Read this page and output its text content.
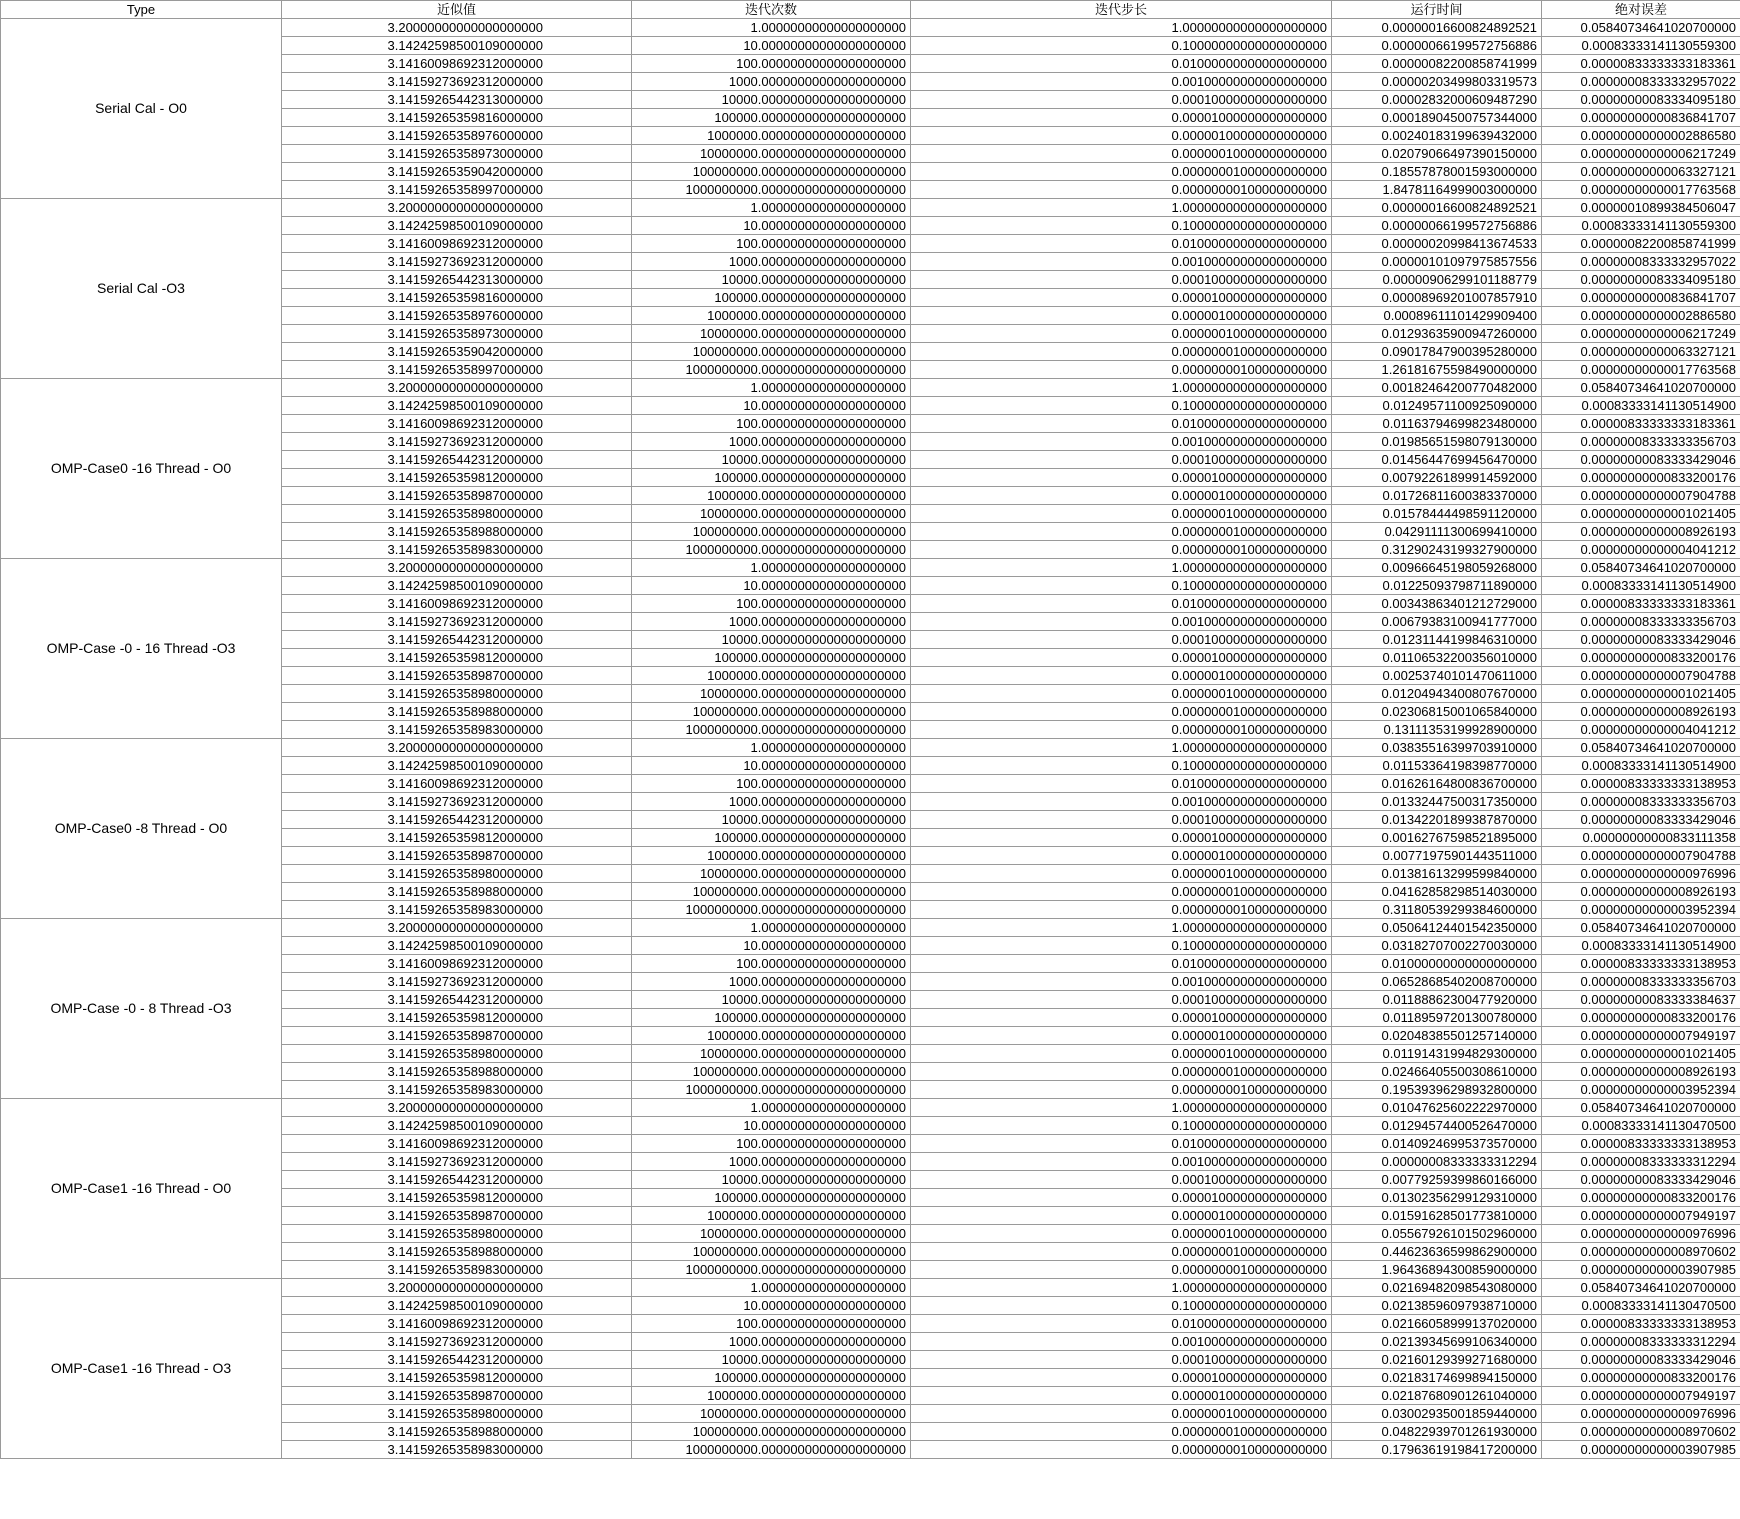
Type	近似值	迭代次数	迭代步长	运行时间	绝对误差
Serial Cal - O0	3.20000000000000000000	1.00000000000000000000	1.00000000000000000000	0.00000016600824892521	0.05840734641020700000
	3.14242598500109000000	10.00000000000000000000	0.10000000000000000000	0.00000066199572756886	0.00083333141130559300
	3.14160098692312000000	100.00000000000000000000	0.01000000000000000000	0.00000082200858741999	0.00000833333333183361
	3.14159273692312000000	1000.00000000000000000000	0.00100000000000000000	0.00000203499803319573	0.00000008333332957022
	3.14159265442313000000	10000.00000000000000000000	0.00010000000000000000	0.00002832000609487290	0.00000000083334095180
	3.14159265359816000000	100000.00000000000000000000	0.00001000000000000000	0.00018904500757344000	0.00000000000836841707
	3.14159265358976000000	1000000.00000000000000000000	0.00000100000000000000	0.00240183199639432000	0.00000000000002886580
	3.14159265358973000000	10000000.00000000000000000000	0.00000010000000000000	0.02079066497390150000	0.00000000000006217249
	3.14159265359042000000	100000000.00000000000000000000	0.00000001000000000000	0.18557878001593000000	0.00000000000063327121
	3.14159265358997000000	1000000000.00000000000000000000	0.00000000100000000000	1.84781164999003000000	0.00000000000017763568
Serial Cal -O3	3.20000000000000000000	1.00000000000000000000	1.00000000000000000000	0.00000016600824892521	0.00000010899384506047
	3.14242598500109000000	10.00000000000000000000	0.10000000000000000000	0.00000066199572756886	0.00083333141130559300
	3.14160098692312000000	100.00000000000000000000	0.01000000000000000000	0.00000020998413674533	0.00000082200858741999
	3.14159273692312000000	1000.00000000000000000000	0.00100000000000000000	0.00000101097975857556	0.00000008333332957022
	3.14159265442313000000	10000.00000000000000000000	0.00010000000000000000	0.00000906299101188779	0.00000000083334095180
	3.14159265359816000000	100000.00000000000000000000	0.00001000000000000000	0.00008969201007857910	0.00000000000836841707
	3.14159265358976000000	1000000.00000000000000000000	0.00000100000000000000	0.00089611101429909400	0.00000000000002886580
	3.14159265358973000000	10000000.00000000000000000000	0.00000010000000000000	0.01293635900947260000	0.00000000000006217249
	3.14159265359042000000	100000000.00000000000000000000	0.00000001000000000000	0.09017847900395280000	0.00000000000063327121
	3.14159265358997000000	1000000000.00000000000000000000	0.00000000100000000000	1.26181675598490000000	0.00000000000017763568
OMP-Case0 -16 Thread - O0	3.20000000000000000000	1.00000000000000000000	1.00000000000000000000	0.00182464200770482000	0.05840734641020700000
	3.14242598500109000000	10.00000000000000000000	0.10000000000000000000	0.01249571100925090000	0.00083333141130514900
	3.14160098692312000000	100.00000000000000000000	0.01000000000000000000	0.01163794699823480000	0.00000833333333183361
	3.14159273692312000000	1000.00000000000000000000	0.00100000000000000000	0.01985651598079130000	0.00000008333333356703
	3.14159265442312000000	10000.00000000000000000000	0.00010000000000000000	0.01456447699456470000	0.00000000083333429046
	3.14159265359812000000	100000.00000000000000000000	0.00001000000000000000	0.00792261899914592000	0.00000000000833200176
	3.14159265358987000000	1000000.00000000000000000000	0.00000100000000000000	0.01726811600383370000	0.00000000000007904788
	3.14159265358980000000	10000000.00000000000000000000	0.00000010000000000000	0.01578444498591120000	0.00000000000001021405
	3.14159265358988000000	100000000.00000000000000000000	0.00000001000000000000	0.04291111300699410000	0.00000000000008926193
	3.14159265358983000000	1000000000.00000000000000000000	0.00000000100000000000	0.31290243199327900000	0.00000000000004041212
OMP-Case -0 - 16 Thread -O3	3.20000000000000000000	1.00000000000000000000	1.00000000000000000000	0.00966645198059268000	0.05840734641020700000
	3.14242598500109000000	10.00000000000000000000	0.10000000000000000000	0.01225093798711890000	0.00083333141130514900
	3.14160098692312000000	100.00000000000000000000	0.01000000000000000000	0.00343863401212729000	0.00000833333333183361
	3.14159273692312000000	1000.00000000000000000000	0.00100000000000000000	0.00679383100941777000	0.00000008333333356703
	3.14159265442312000000	10000.00000000000000000000	0.00010000000000000000	0.01231144199846310000	0.00000000083333429046
	3.14159265359812000000	100000.00000000000000000000	0.00001000000000000000	0.01106532200356010000	0.00000000000833200176
	3.14159265358987000000	1000000.00000000000000000000	0.00000100000000000000	0.00253740101470611000	0.00000000000007904788
	3.14159265358980000000	10000000.00000000000000000000	0.00000010000000000000	0.01204943400807670000	0.00000000000001021405
	3.14159265358988000000	100000000.00000000000000000000	0.00000001000000000000	0.02306815001065840000	0.00000000000008926193
	3.14159265358983000000	1000000000.00000000000000000000	0.00000000100000000000	0.13111353199928900000	0.00000000000004041212
OMP-Case0 -8 Thread - O0	3.20000000000000000000	1.00000000000000000000	1.00000000000000000000	0.03835516399703910000	0.05840734641020700000
	3.14242598500109000000	10.00000000000000000000	0.10000000000000000000	0.01153364198398770000	0.00083333141130514900
	3.14160098692312000000	100.00000000000000000000	0.01000000000000000000	0.01626164800836700000	0.00000833333333138953
	3.14159273692312000000	1000.00000000000000000000	0.00100000000000000000	0.01332447500317350000	0.00000008333333356703
	3.14159265442312000000	10000.00000000000000000000	0.00010000000000000000	0.01342201899387870000	0.00000000083333429046
	3.14159265359812000000	100000.00000000000000000000	0.00001000000000000000	0.00162767598521895000	0.00000000000833111358
	3.14159265358987000000	1000000.00000000000000000000	0.00000100000000000000	0.00771975901443511000	0.00000000000007904788
	3.14159265358980000000	10000000.00000000000000000000	0.00000010000000000000	0.01381613299599840000	0.00000000000000976996
	3.14159265358988000000	100000000.00000000000000000000	0.00000001000000000000	0.04162858298514030000	0.00000000000008926193
	3.14159265358983000000	1000000000.00000000000000000000	0.00000000100000000000	0.31180539299384600000	0.00000000000003952394
OMP-Case -0 - 8 Thread -O3	3.20000000000000000000	1.00000000000000000000	1.00000000000000000000	0.05064124401542350000	0.05840734641020700000
	3.14242598500109000000	10.00000000000000000000	0.10000000000000000000	0.03182707002270030000	0.00083333141130514900
	3.14160098692312000000	100.00000000000000000000	0.01000000000000000000	0.01000000000000000000	0.00000833333333138953
	3.14159273692312000000	1000.00000000000000000000	0.00100000000000000000	0.06528685402008700000	0.00000008333333356703
	3.14159265442312000000	10000.00000000000000000000	0.00010000000000000000	0.01188862300477920000	0.00000000083333384637
	3.14159265359812000000	100000.00000000000000000000	0.00001000000000000000	0.01189597201300780000	0.00000000000833200176
	3.14159265358987000000	1000000.00000000000000000000	0.00000100000000000000	0.02048385501257140000	0.00000000000007949197
	3.14159265358980000000	10000000.00000000000000000000	0.00000010000000000000	0.01191431994829300000	0.00000000000001021405
	3.14159265358988000000	100000000.00000000000000000000	0.00000001000000000000	0.02466405500308610000	0.00000000000008926193
	3.14159265358983000000	1000000000.00000000000000000000	0.00000000100000000000	0.19539396298932800000	0.00000000000003952394
OMP-Case1 -16 Thread - O0	3.20000000000000000000	1.00000000000000000000	1.00000000000000000000	0.01047625602222970000	0.05840734641020700000
	3.14242598500109000000	10.00000000000000000000	0.10000000000000000000	0.01294574400526470000	0.00083333141130470500
	3.14160098692312000000	100.00000000000000000000	0.01000000000000000000	0.01409246995373570000	0.00000833333333138953
	3.14159273692312000000	1000.00000000000000000000	0.00100000000000000000	0.00000008333333312294	0.00000008333333312294
	3.14159265442312000000	10000.00000000000000000000	0.00010000000000000000	0.00779259399860166000	0.00000000083333429046
	3.14159265359812000000	100000.00000000000000000000	0.00001000000000000000	0.01302356299129310000	0.00000000000833200176
	3.14159265358987000000	1000000.00000000000000000000	0.00000100000000000000	0.01591628501773810000	0.00000000000007949197
	3.14159265358980000000	10000000.00000000000000000000	0.00000010000000000000	0.05567926101502960000	0.00000000000000976996
	3.14159265358988000000	100000000.00000000000000000000	0.00000001000000000000	0.44623636599862900000	0.00000000000008970602
	3.14159265358983000000	1000000000.00000000000000000000	0.00000000100000000000	1.96436894300859000000	0.00000000000003907985
OMP-Case1 -16 Thread - O3	3.20000000000000000000	1.00000000000000000000	1.00000000000000000000	0.02169482098543080000	0.05840734641020700000
	3.14242598500109000000	10.00000000000000000000	0.10000000000000000000	0.02138596097938710000	0.00083333141130470500
	3.14160098692312000000	100.00000000000000000000	0.01000000000000000000	0.02166058999137020000	0.00000833333333138953
	3.14159273692312000000	1000.00000000000000000000	0.00100000000000000000	0.02139345699106340000	0.00000008333333312294
	3.14159265442312000000	10000.00000000000000000000	0.00010000000000000000	0.02160129399271680000	0.00000000083333429046
	3.14159265359812000000	100000.00000000000000000000	0.00001000000000000000	0.02183174699894150000	0.00000000000833200176
	3.14159265358987000000	1000000.00000000000000000000	0.00000100000000000000	0.02187680901261040000	0.00000000000007949197
	3.14159265358980000000	10000000.00000000000000000000	0.00000010000000000000	0.03002935001859440000	0.00000000000000976996
	3.14159265358988000000	100000000.00000000000000000000	0.00000001000000000000	0.04822939701261930000	0.00000000000008970602
	3.14159265358983000000	1000000000.00000000000000000000	0.00000000100000000000	0.17963619198417200000	0.00000000000003907985
